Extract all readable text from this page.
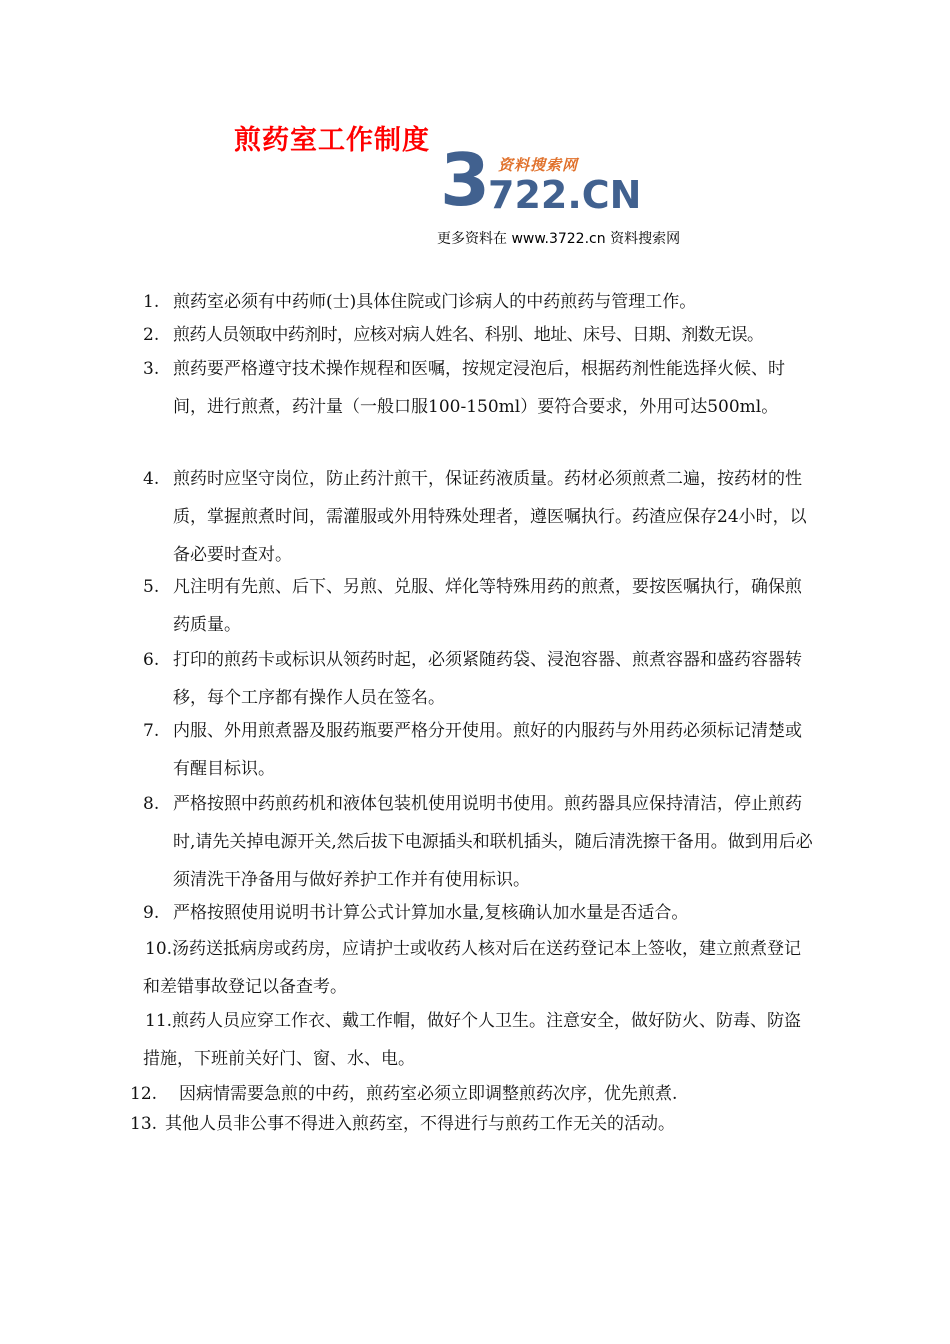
煎药室工作制度
资料搜索网
3
722.CN
更多资料在 www.3722.cn 资料搜索网
1. 煎药室必须有中药师(士)具体住院或门诊病人的中药煎药与管理工作。
2. 煎药人员领取中药剂时，应核对病人姓名、科别、地址、床号、日期、剂数无误。
3. 煎药要严格遵守技术操作规程和医嘱，按规定浸泡后，根据药剂性能选择火候、时间，进行煎煮，药汁量（一般口服100-150ml）要符合要求，外用可达500ml。
4. 煎药时应坚守岗位，防止药汁煎干，保证药液质量。药材必须煎煮二遍，按药材的性质，掌握煎煮时间，需灌服或外用特殊处理者，遵医嘱执行。药渣应保存24小时，以备必要时查对。
5. 凡注明有先煎、后下、另煎、兑服、烊化等特殊用药的煎煮，要按医嘱执行，确保煎药质量。
6. 打印的煎药卡或标识从领药时起，必须紧随药袋、浸泡容器、煎煮容器和盛药容器转移，每个工序都有操作人员在签名。
7. 内服、外用煎煮器及服药瓶要严格分开使用。煎好的内服药与外用药必须标记清楚或有醒目标识。
8. 严格按照中药煎药机和液体包装机使用说明书使用。煎药器具应保持清洁，停止煎药时,请先关掉电源开关,然后拔下电源插头和联机插头，随后清洗擦干备用。做到用后必须清洗干净备用与做好养护工作并有使用标识。
9. 严格按照使用说明书计算公式计算加水量,复核确认加水量是否适合。
10.汤药送抵病房或药房，应请护士或收药人核对后在送药登记本上签收，建立煎煮登记和差错事故登记以备查考。
11.煎药人员应穿工作衣、戴工作帽，做好个人卫生。注意安全，做好防火、防毒、防盗措施，下班前关好门、窗、水、电。
12. 因病情需要急煎的中药，煎药室必须立即调整煎药次序，优先煎煮.
13. 其他人员非公事不得进入煎药室，不得进行与煎药工作无关的活动。
